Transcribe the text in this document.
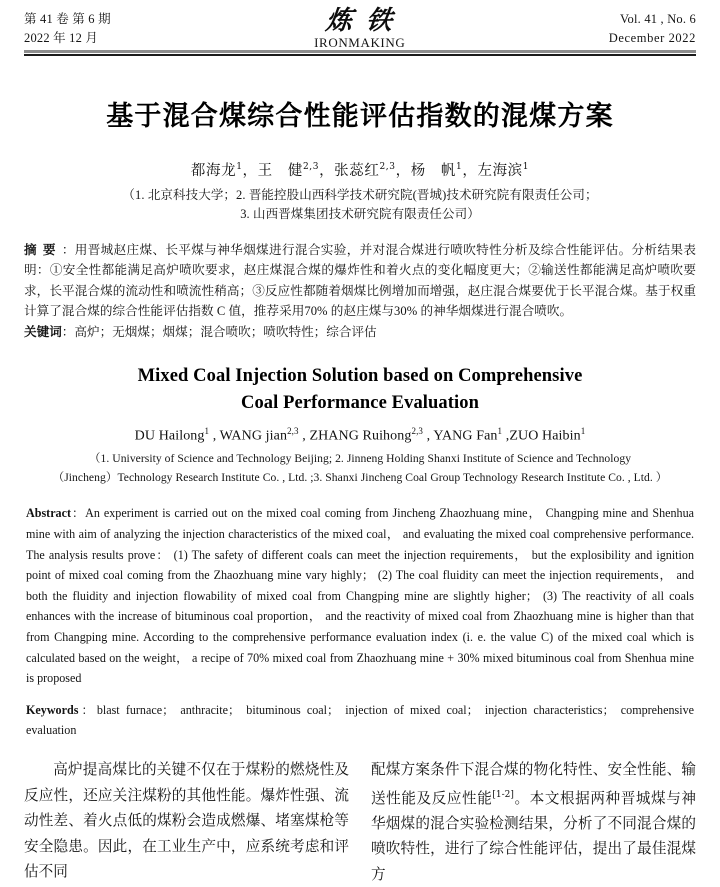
第 41 卷 第 6 期
2022 年 12 月
炼铁
IRONMAKING
Vol. 41 , No. 6
December 2022
基于混合煤综合性能评估指数的混煤方案
都海龙$^1$，王　健$^{2,3}$，张蕊红$^{2,3}$，杨　帆$^1$，左海滨$^1$
（1. 北京科技大学；2. 晋能控股山西科学技术研究院(晋城)技术研究院有限责任公司；
3. 山西晋煤集团技术研究院有限责任公司）
摘要：用晋城赵庄煤、长平煤与神华烟煤进行混合实验，并对混合煤进行喷吹特性分析及综合性能评估。分析结果表明：①安全性都能满足高炉喷吹要求，赵庄煤混合煤的爆炸性和着火点的变化幅度更大；②输送性都能满足高炉喷吹要求，长平混合煤的流动性和喷流性稍高；③反应性都随着烟煤比例增加而增强，赵庄混合煤要优于长平混合煤。基于权重计算了混合煤的综合性能评估指数 C 值，推荐采用70% 的赵庄煤与30% 的神华烟煤进行混合喷吹。
关键词：高炉；无烟煤；烟煤；混合喷吹；喷吹特性；综合评估
Mixed Coal Injection Solution based on Comprehensive
Coal Performance Evaluation
DU Hailong$^1$ , WANG jian$^{2,3}$ , ZHANG Ruihong$^{2,3}$ , YANG Fan$^1$ ,ZUO Haibin$^1$
（1. University of Science and Technology Beijing; 2. Jinneng Holding Shanxi Institute of Science and Technology
（Jincheng）Technology Research Institute Co. , Ltd. ;3. Shanxi Jincheng Coal Group Technology Research Institute Co. , Ltd. ）
Abstract：An experiment is carried out on the mixed coal coming from Jincheng Zhaozhuang mine， Changping mine and Shenhua mine with aim of analyzing the injection characteristics of the mixed coal， and evaluating the mixed coal comprehensive performance. The analysis results prove： (1) The safety of different coals can meet the injection requirements， but the explosibility and ignition point of mixed coal coming from the Zhaozhuang mine vary highly； (2) The coal fluidity can meet the injection requirements， and both the fluidity and injection flowability of mixed coal from Changping mine are slightly higher； (3) The reactivity of all coals enhances with the increase of bituminous coal proportion， and the reactivity of mixed coal from Zhaozhuang mine is higher than that from Changping mine. According to the comprehensive performance evaluation index (i. e. the value C) of the mixed coal which is calculated based on the weight， a recipe of 70% mixed coal from Zhaozhuang mine + 30% mixed bituminous coal from Shenhua mine is proposed
Keywords：blast furnace； anthracite； bituminous coal； injection of mixed coal； injection characteristics； comprehensive evaluation

高炉提高煤比的关键不仅在于煤粉的燃烧性及反应性，还应关注煤粉的其他性能。爆炸性强、流动性差、着火点低的煤粉会造成燃爆、堵塞煤枪等安全隐患。因此，在工业生产中，应系统考虑和评估不同

配煤方案条件下混合煤的物化特性、安全性能、输送性能及反应性能[1-2]。本文根据两种晋城煤与神华烟煤的混合实验检测结果，分析了不同混合煤的喷吹特性，进行了综合性能评估，提出了最佳混煤方
